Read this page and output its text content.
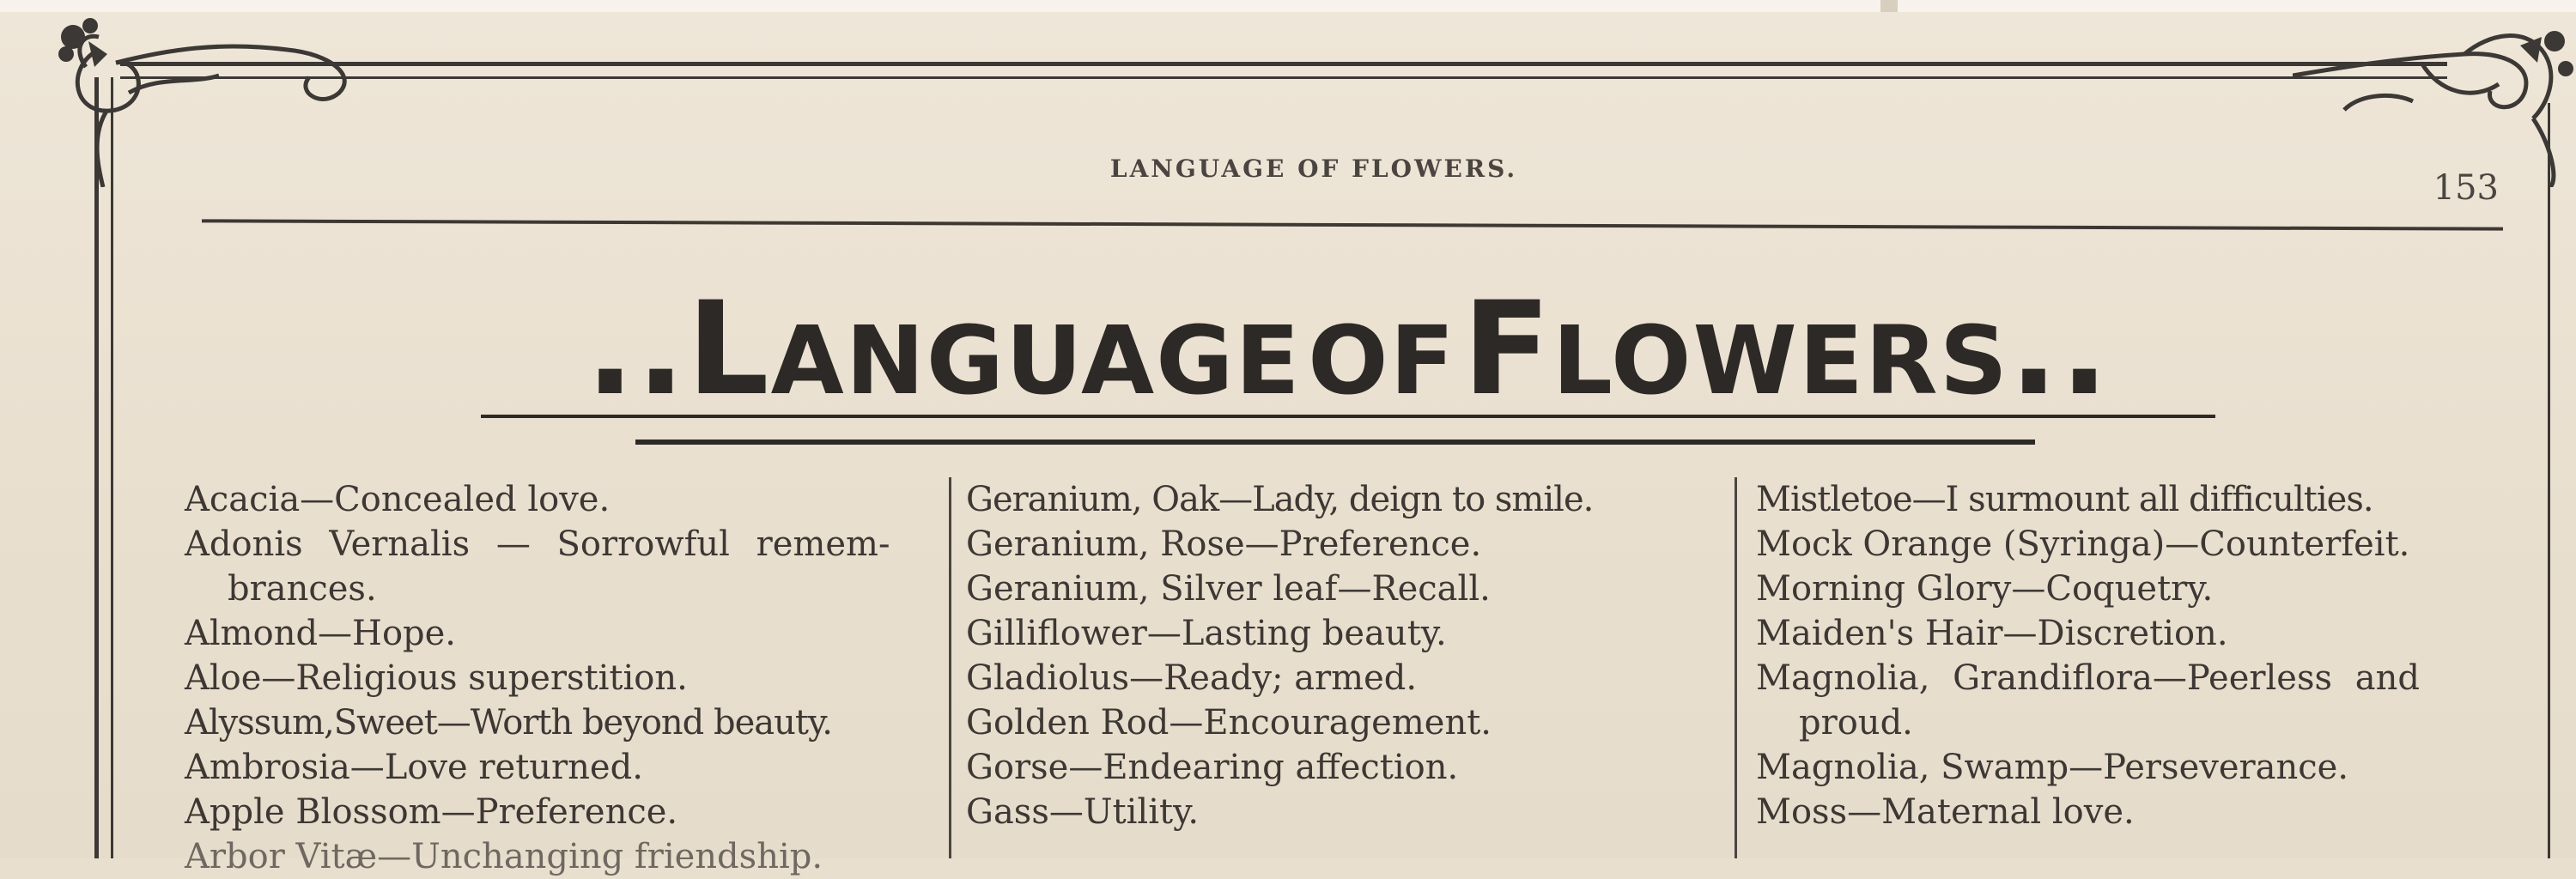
LANGUAGE OF FLOWERS.	153
..LANGUAGE OF FLOWERS..
Acacia—Concealed love.
Adonis Vernalis — Sorrowful remem-
brances.
Almond—Hope.
Aloe—Religious superstition.
Alyssum,Sweet—Worth beyond beauty.
Ambrosia—Love returned.
Apple Blossom—Preference.
Arbor Vitæ—Unchanging friendship.
Geranium, Oak—Lady, deign to smile.
Geranium, Rose—Preference.
Geranium, Silver leaf—Recall.
Gilliflower—Lasting beauty.
Gladiolus—Ready; armed.
Golden Rod—Encouragement.
Gorse—Endearing affection.
Gass—Utility.
Mistletoe—I surmount all difficulties.
Mock Orange (Syringa)—Counterfeit.
Morning Glory—Coquetry.
Maiden's Hair—Discretion.
Magnolia, Grandiflora—Peerless and
proud.
Magnolia, Swamp—Perseverance.
Moss—Maternal love.
